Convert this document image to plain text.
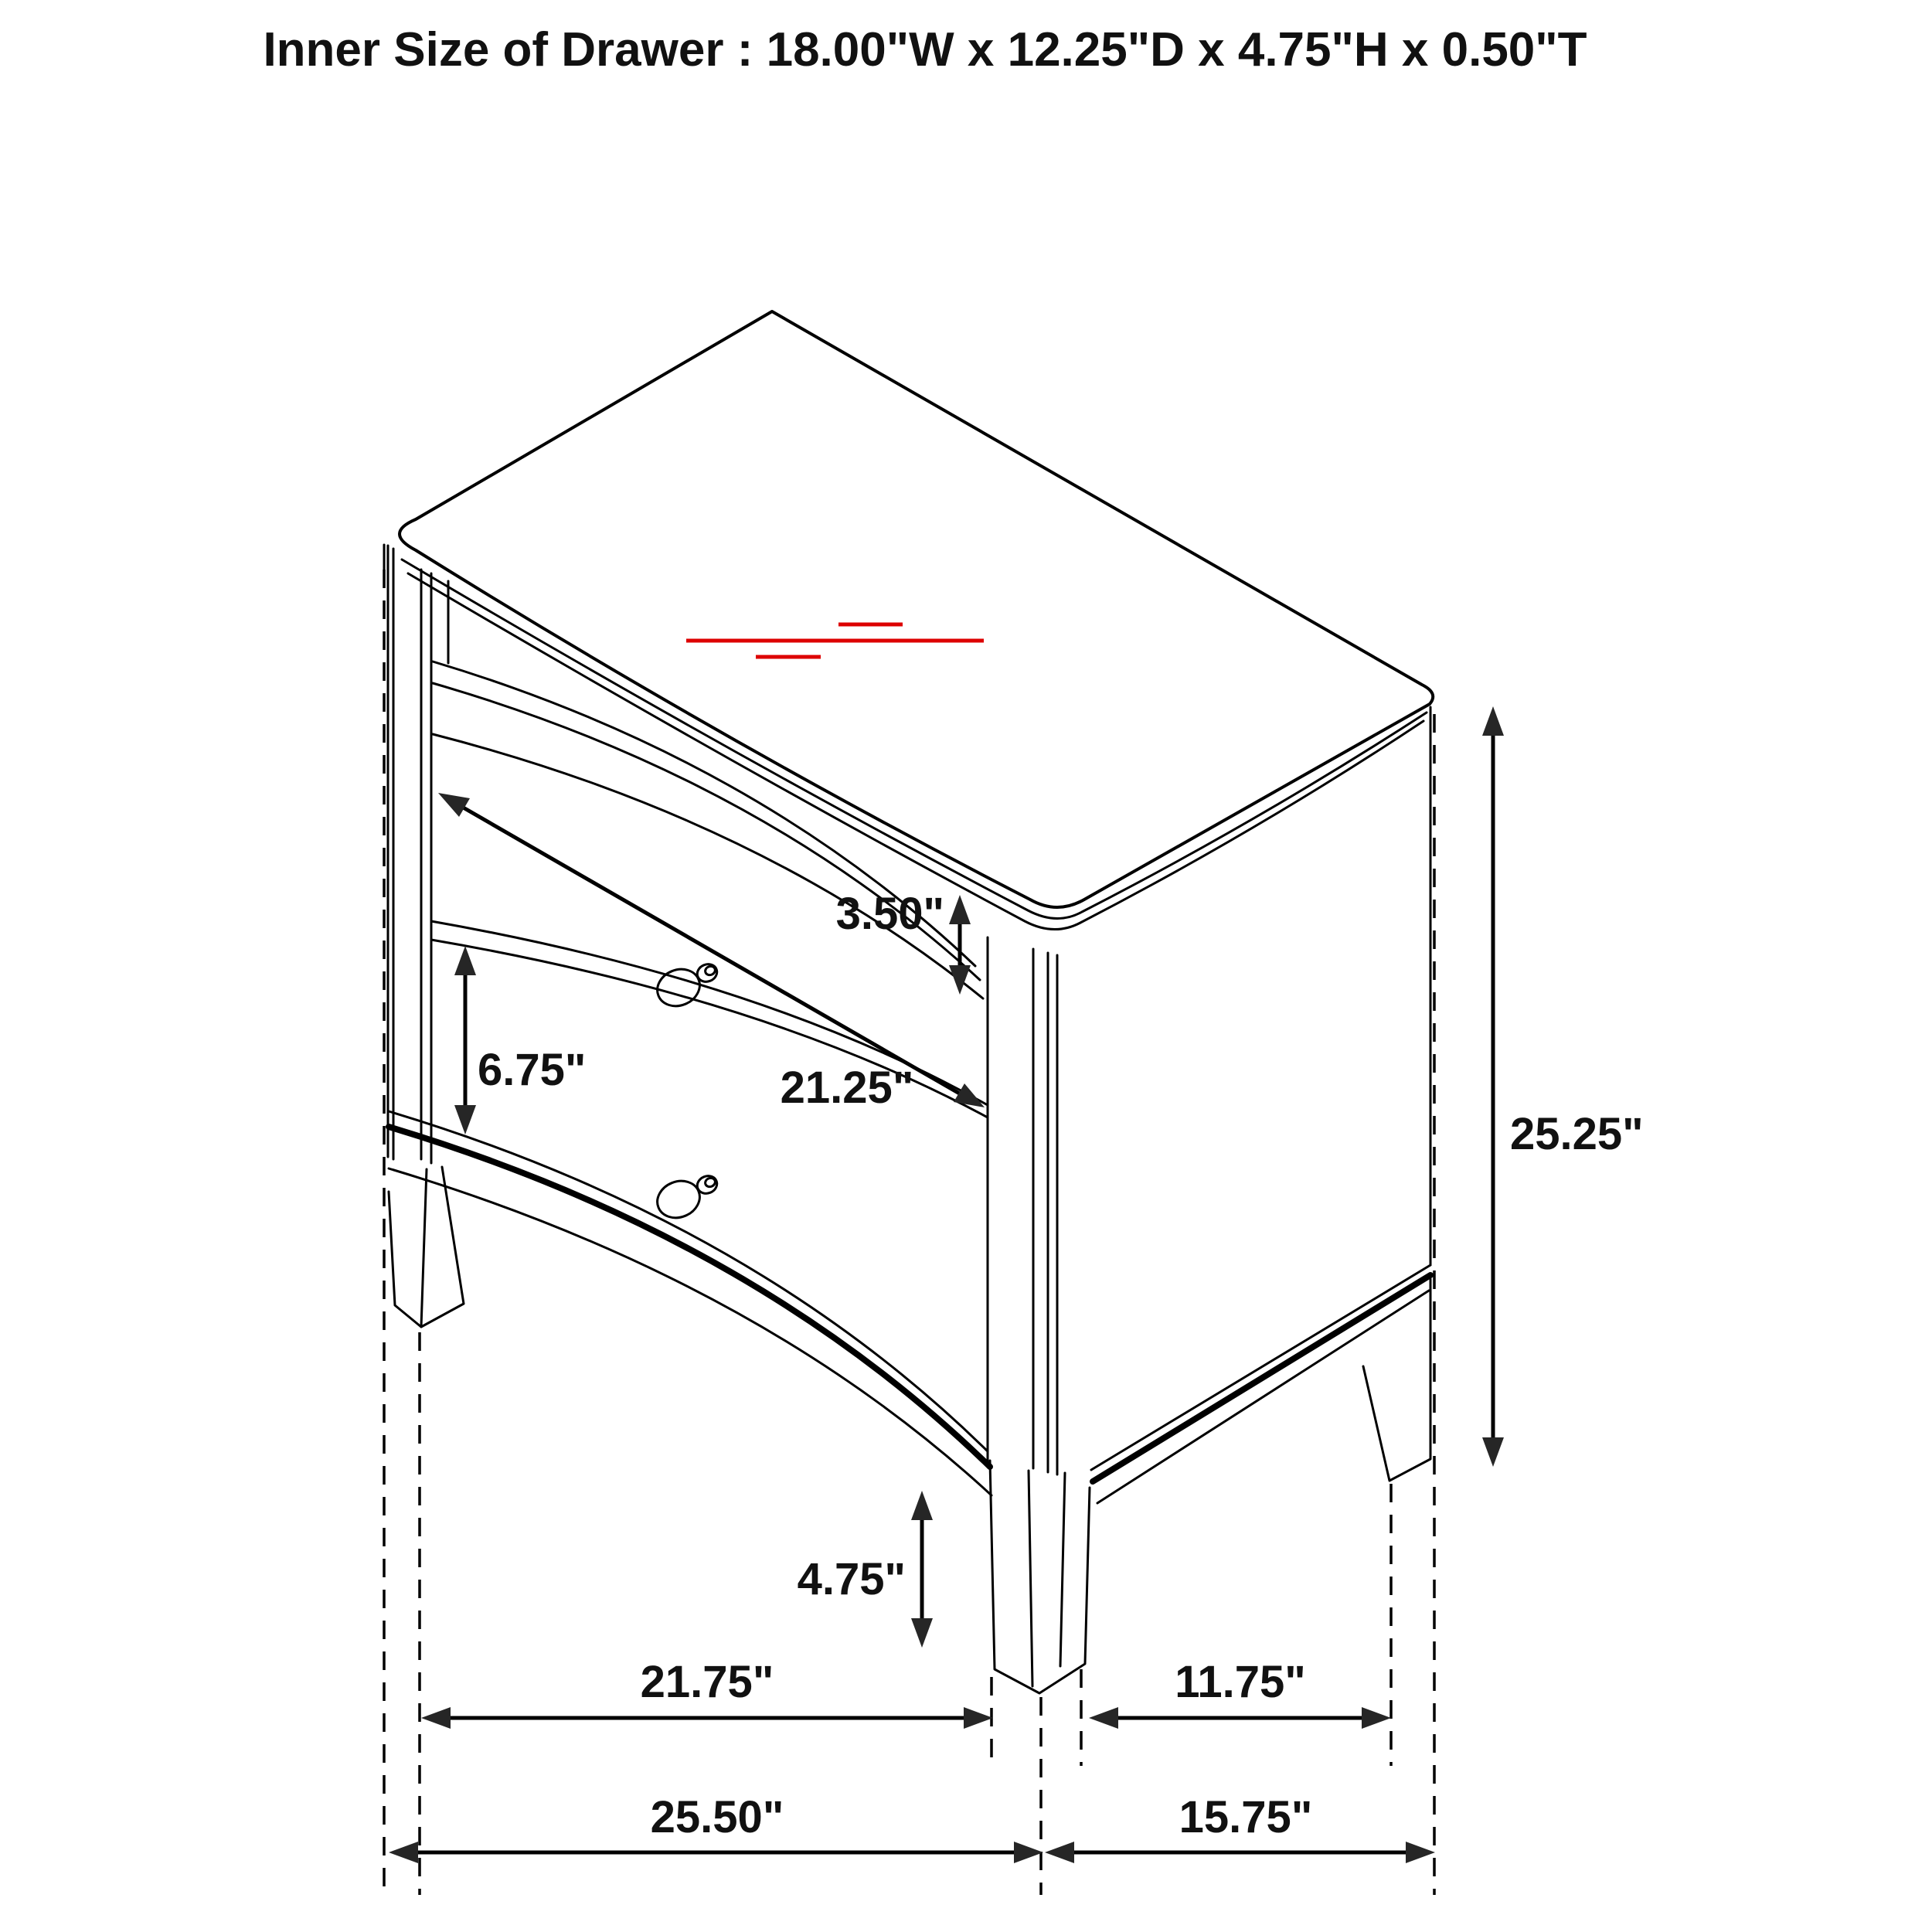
3.50"
6.75"	21.25"
25.25"
4.75"
21.75"	11.75"
25.50"	15.75"
Inner Size of Drawer : 18.00"W x 12.25"D x 4.75"H x 0.50"T
